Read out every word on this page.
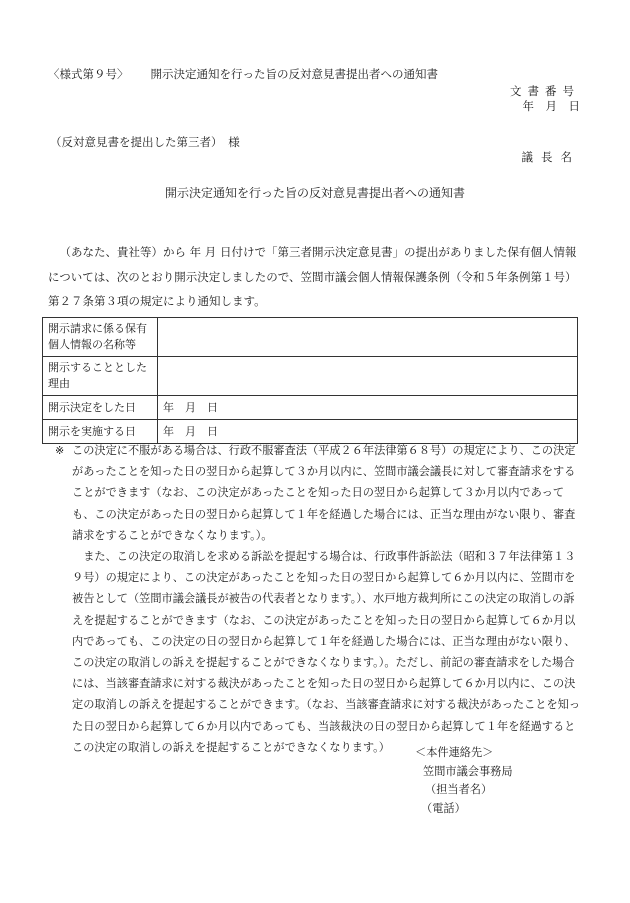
〈様式第９号〉 開示決定通知を行った旨の反対意見書提出者への通知書
文書番号
年　月　日
（反対意見書を提出した第三者）　様
議長名
開示決定通知を行った旨の反対意見書提出者への通知書
（あなた、貴社等）から 年 月 日付けで「第三者開示決定意見書」の提出がありました保有個人情報については、次のとおり開示決定しましたので、笠間市議会個人情報保護条例（令和５年条例第１号）第２７条第３項の規定により通知します。
開示請求に係る保有個人情報の名称等	
開示することとした理由	
開示決定をした日	年　月　日
開示を実施する日	年　月　日

※ この決定に不服がある場合は、行政不服審査法（平成２６年法律第６８号）の規定により、この決定があったことを知った日の翌日から起算して３か月以内に、笠間市議会議長に対して審査請求をすることができます（なお、この決定があったことを知った日の翌日から起算して３か月以内であっても、この決定があった日の翌日から起算して１年を経過した場合には、正当な理由がない限り、審査請求をすることができなくなります。）。

また、この決定の取消しを求める訴訟を提起する場合は、行政事件訴訟法（昭和３７年法律第１３９号）の規定により、この決定があったことを知った日の翌日から起算して６か月以内に、笠間市を被告として（笠間市議会議長が被告の代表者となります。）、水戸地方裁判所にこの決定の取消しの訴えを提起することができます（なお、この決定があったことを知った日の翌日から起算して６か月以内であっても、この決定の日の翌日から起算して１年を経過した場合には、正当な理由がない限り、この決定の取消しの訴えを提起することができなくなります。）。ただし、前記の審査請求をした場合には、当該審査請求に対する裁決があったことを知った日の翌日から起算して６か月以内に、この決定の取消しの訴えを提起することができます。（なお、当該審査請求に対する裁決があったことを知った日の翌日から起算して６か月以内であっても、当該裁決の日の翌日から起算して１年を経過するとこの決定の取消しの訴えを提起することができなくなります。）	＜本件連絡先＞
笠間市議会事務局
（担当者名）
（電話）
